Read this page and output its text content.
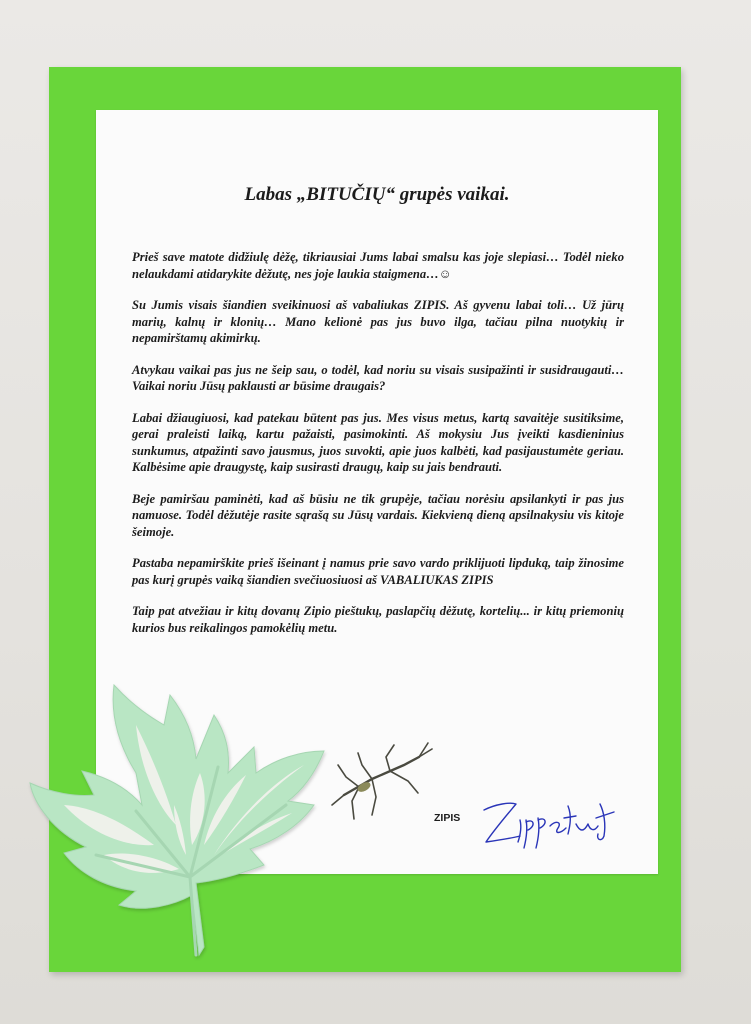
Labas „BITUČIŲ“ grupės vaikai.

Prieš save matote didžiulę dėžę, tikriausiai Jums labai smalsu kas joje slepiasi… Todėl nieko nelaukdami atidarykite dėžutę, nes joje laukia staigmena…☺

Su Jumis visais šiandien sveikinuosi aš vabaliukas ZIPIS. Aš gyvenu labai toli… Už jūrų marių, kalnų ir klonių… Mano kelionė pas jus buvo ilga, tačiau pilna nuotykių ir nepamirštamų akimirkų.

Atvykau vaikai pas jus ne šeip sau, o todėl, kad noriu su visais susipažinti ir susidraugauti… Vaikai noriu Jūsų paklausti ar būsime draugais?

Labai džiaugiuosi, kad patekau būtent pas jus. Mes visus metus, kartą savaitėje susitiksime, gerai praleisti laiką, kartu pažaisti, pasimokinti. Aš mokysiu Jus įveikti kasdieninius sunkumus, atpažinti savo jausmus, juos suvokti, apie juos kalbėti, kad pasijaustumėte geriau. Kalbėsime apie draugystę, kaip susirasti draugų, kaip su jais bendrauti.

Beje pamiršau paminėti, kad aš būsiu ne tik grupėje, tačiau norėsiu apsilankyti ir pas jus namuose. Todėl dėžutėje rasite sąrašą su Jūsų vardais. Kiekvieną dieną apsilnakysiu vis kitoje šeimoje.

Pastaba nepamirškite prieš išeinant į namus prie savo vardo priklijuoti lipduką, taip žinosime pas kurį grupės vaiką šiandien svečiuosiuosi aš VABALIUKAS ZIPIS

Taip pat atvežiau ir kitų dovanų Zipio pieštukų, paslapčių dėžutę, kortelių... ir kitų priemonių kurios bus reikalingos pamokėlių metu.

ZIPIS
